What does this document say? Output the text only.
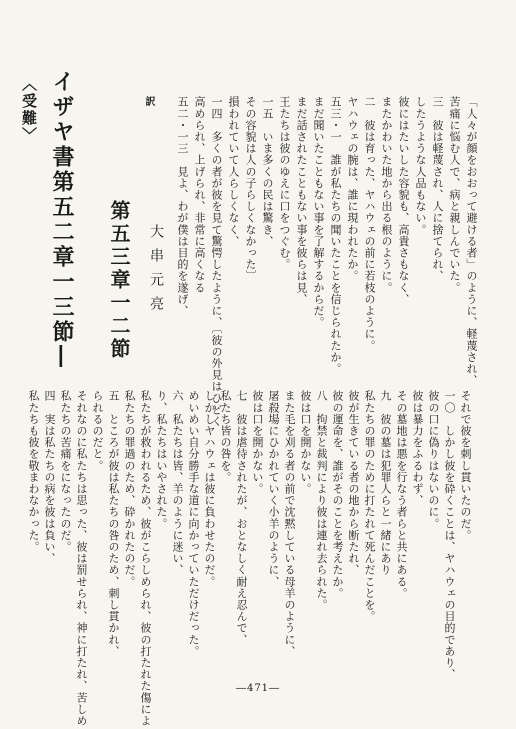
〈受難〉 イザヤ書第五二章一三節― 第五三章一二節 大串元亮

訳 五二・一三　見よ、わが僕は目的を遂げ、 高められ、上げられ、非常に高くなる 一四　多くの者が彼を見て驚愕したように、〔彼の外見はひどく 損われていて人らしくなく、 その容貌は人の子らしくなかった〕 一五　いま多くの民は驚き、 王たちは彼のゆえに口をつぐむ。 まだ話されたこともない事を彼らは見、 まだ聞いたこともない事を了解するからだ。 五三・一　誰が私たちの聞いたことを信じられたか。 ヤハウェの腕は、誰に現われたか。 二　彼は育った、ヤハウェの前に若枝のように。 またかわいた地から出る根のように。 彼にはたいした容貌も、高貴さもなく、 したうような人品もない。 三　彼は軽蔑され、人に捨てられ、 苦痛に悩む人で、病と親しんでいた。 「人々が顔をおおって避ける者」のように、軽蔑され、

私たちも彼を敬まわなかった。 四　実は私たちの病を彼は負い、 私たちの苦痛をになったのだ。 それなのに私たちは思った、彼は罰せられ、神に打たれ、苦しめ られるのだと。 五　ところが彼は私たちの咎のため、刺し貫かれ、 私たちの罪過のため、砕かれたのだ。 私たちが救われるため、彼がこらしめられ、彼の打たれた傷によ り、私たちはいやされた。 六　私たちは皆、羊のように迷い、 めいめい自分勝手な道に向かっていただけだった。 しかしヤハウェは彼に負わせたのだ。 私たち皆の咎を。 七　彼は虐待されたが、おとなしく耐え忍んで、 彼は口を開かない。 屠殺場にひかれていく小羊のように、 また毛を刈る者の前で沈黙している母羊のように、 彼は口を開かない。 八　拘禁と裁判により彼は連れ去られた。 彼の運命を、誰がそのことを考えたか。 彼が生きている者の地から断たれ、 私たちの罪のために打たれて死んだことを。 九　彼の墓は犯罪人らと一緒にあり その墓地は悪を行なう者らと共にある。 彼は暴力をふるわず、 彼の口に偽りはないのに。 一〇　しかし彼を砕くことは、ヤハウェの目的であり、 それで彼を刺し貫いたのだ。

―471―
